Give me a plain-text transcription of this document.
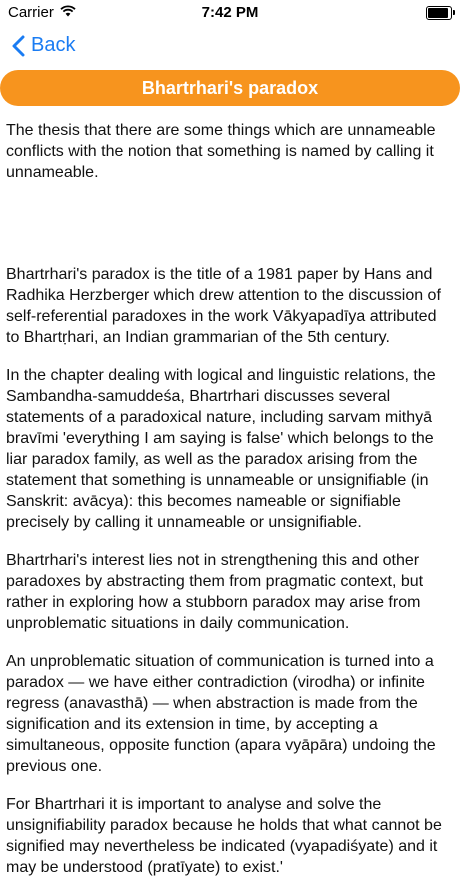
Carrier	7:42 PM
Back
Bhartrhari's paradox

The thesis that there are some things which are unnameable conflicts with the notion that something is named by calling it unnameable.

Bhartrhari's paradox is the title of a 1981 paper by Hans and Radhika Herzberger which drew attention to the discussion of self-referential paradoxes in the work Vākyapadīya attributed to Bhartṛhari, an Indian grammarian of the 5th century.

In the chapter dealing with logical and linguistic relations, the Sambandha-samuddeśa, Bhartrhari discusses several statements of a paradoxical nature, including sarvam mithyā bravīmi 'everything I am saying is false' which belongs to the liar paradox family, as well as the paradox arising from the statement that something is unnameable or unsignifiable (in Sanskrit: avācya): this becomes nameable or signifiable precisely by calling it unnameable or unsignifiable.

Bhartrhari's interest lies not in strengthening this and other paradoxes by abstracting them from pragmatic context, but rather in exploring how a stubborn paradox may arise from unproblematic situations in daily communication.

An unproblematic situation of communication is turned into a paradox — we have either contradiction (virodha) or infinite regress (anavasthā) — when abstraction is made from the signification and its extension in time, by accepting a simultaneous, opposite function (apara vyāpāra) undoing the previous one.

For Bhartrhari it is important to analyse and solve the unsignifiability paradox because he holds that what cannot be signified may nevertheless be indicated (vyapadiśyate) and it may be understood (pratīyate) to exist.'
